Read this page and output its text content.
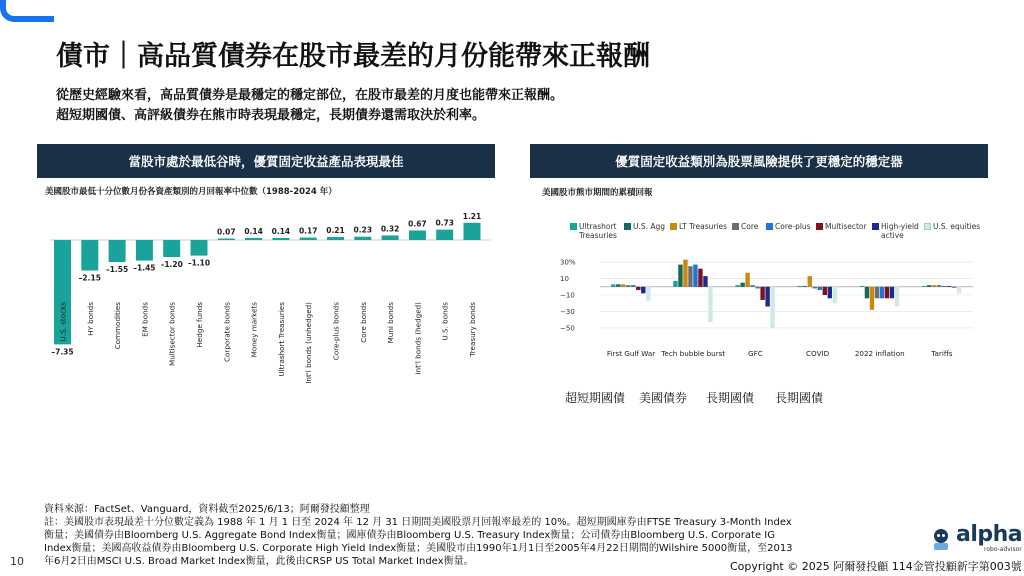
債市｜高品質債券在股市最差的月份能帶來正報酬
從歷史經驗來看，高品質債券是最穩定的穩定部位，在股市最差的月度也能帶來正報酬。
超短期國債、高評級債券在熊市時表現最穩定，長期債券還需取決於利率。
當股市處於最低谷時，優質固定收益產品表現最佳
美國股市最低十分位數月份各資產類別的月回報率中位數（1988-2024 年）
–7.35
U.S. stocks
–2.15
HY bonds
–1.55
Commodities
–1.45
EM bonds
–1.20
Multisector bonds
–1.10
Hedge funds
0.07
Corporate bonds
0.14
Money markets
0.14
Ultrashort Treasuries
0.17
Int'l bonds (unhedged)
0.21
Core-plus bonds
0.23
Core bonds
0.32
Muni bonds
0.67
Int'l bonds (hedged)
0.73
U.S. bonds
1.21
Treasury bonds
優質固定收益類別為股票風險提供了更穩定的穩定器
美國股市熊市期間的累積回報
Ultrashort Treasuries
U.S. Agg	LT Treasuries	Core	Core-plus	Multisector	High-yield active
U.S. equities
30%
10
−10
−30
−50
First Gulf War Tech bubble burst	GFC	COVID	2022 inflation	Tariffs
超短期國債 美國債券 長期國債 長期國債
資料來源：FactSet、Vanguard，資料截至2025/6/13；阿爾發投顧整理
註：美國股市表現最差十分位數定義為 1988 年 1 月 1 日至 2024 年 12 月 31 日期間美國股票月回報率最差的 10%。超短期國庫券由FTSE Treasury 3-Month Index衡量；美國債券由Bloomberg U.S. Aggregate Bond Index衡量；國庫債券由Bloomberg U.S. Treasury Index衡量；公司債券由Bloomberg U.S. Corporate IG Index衡量；美國高收益債券由Bloomberg U.S. Corporate High Yield Index衡量；美國股市由1990年1月1日至2005年4月22日期間的Wilshire 5000衡量，至2013年6月2日由MSCI U.S. Broad Market Index衡量，此後由CRSP US Total Market Index衡量。
10	Copyright © 2025 阿爾發投顧 114金管投顧新字第003號
alpha
robo-advisor
